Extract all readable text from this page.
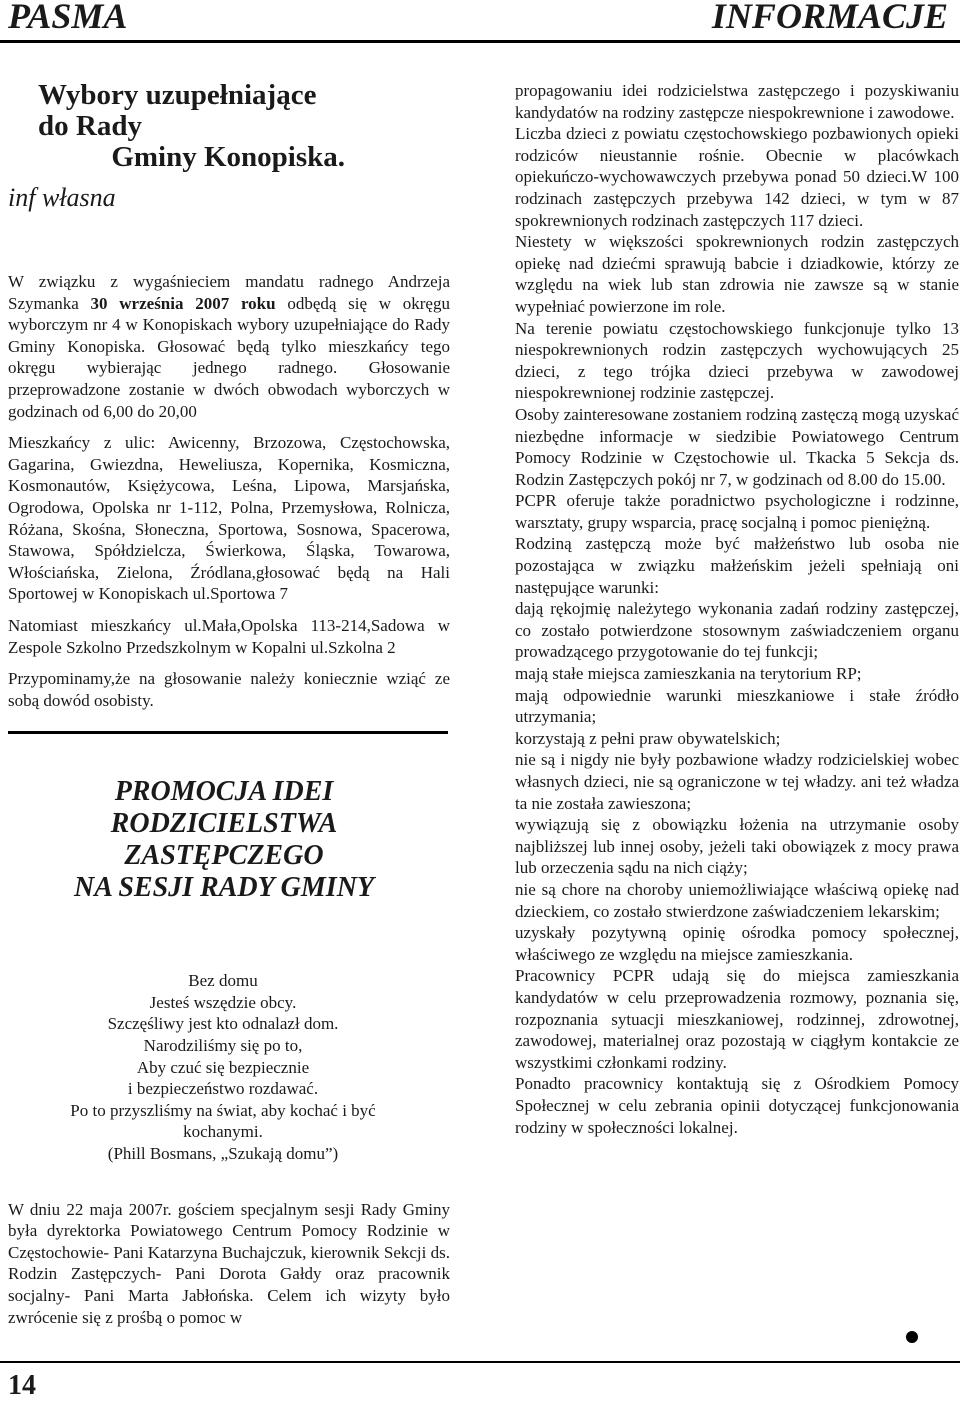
PASMA	INFORMACJE
Wybory uzupełniające do Rady
Gminy Konopiska.
inf własna

W związku z wygaśnieciem mandatu radnego Andrzeja Szymanka 30 września 2007 roku odbędą się w okręgu wyborczym nr 4 w Konopiskach wybory uzupełniające do Rady Gminy Konopiska. Głosować będą tylko mieszkańcy tego okręgu wybierając jednego radnego. Głosowanie przeprowadzone zostanie w dwóch obwodach wyborczych w godzinach od 6,00 do 20,00

Mieszkańcy z ulic: Awicenny, Brzozowa, Częstochowska, Gagarina, Gwiezdna, Heweliusza, Kopernika, Kosmiczna, Kosmonautów, Księżycowa, Leśna, Lipowa, Marsjańska, Ogrodowa, Opolska nr 1-112, Polna, Przemysłowa, Rolnicza, Różana, Skośna, Słoneczna, Sportowa, Sosnowa, Spacerowa, Stawowa, Spółdzielcza, Świerkowa, Śląska, Towarowa, Włościańska, Zielona, Źródlana,głosować będą na Hali Sportowej w Konopiskach ul.Sportowa 7

Natomiast mieszkańcy ul.Mała,Opolska 113-214,Sadowa w Zespole Szkolno Przedszkolnym w Kopalni ul.Szkolna 2

Przypominamy,że na głosowanie należy koniecznie wziąć ze sobą dowód osobisty.

PROMOCJA IDEI
RODZICIELSTWA
ZASTĘPCZEGO
NA SESJI RADY GMINY
Bez domu
Jesteś wszędzie obcy.
Szczęśliwy jest kto odnalazł dom.
Narodziliśmy się po to,
Aby czuć się bezpiecznie
i bezpieczeństwo rozdawać.
Po to przyszliśmy na świat, aby kochać i być
kochanymi.
(Phill Bosmans, „Szukają domu”)

W dniu 22 maja 2007r. gościem specjalnym sesji Rady Gminy była dyrektorka Powiatowego Centrum Pomocy Rodzinie w Częstochowie- Pani Katarzyna Buchajczuk, kierownik Sekcji ds. Rodzin Zastępczych- Pani Dorota Gałdy oraz pracownik socjalny- Pani Marta Jabłońska. Celem ich wizyty było zwrócenie się z prośbą o pomoc w

propagowaniu idei rodzicielstwa zastępczego i pozyskiwaniu kandydatów na rodziny zastępcze niespokrewnione i zawodowe.

Liczba dzieci z powiatu częstochowskiego pozbawionych opieki rodziców nieustannie rośnie. Obecnie w placówkach opiekuńczo-wychowawczych przebywa ponad 50 dzieci.W 100 rodzinach zastępczych przebywa 142 dzieci, w tym w 87 spokrewnionych rodzinach zastępczych 117 dzieci.

Niestety w większości spokrewnionych rodzin zastępczych opiekę nad dziećmi sprawują babcie i dziadkowie, którzy ze względu na wiek lub stan zdrowia nie zawsze są w stanie wypełniać powierzone im role.

Na terenie powiatu częstochowskiego funkcjonuje tylko 13 niespokrewnionych rodzin zastępczych wychowujących 25 dzieci, z tego trójka dzieci przebywa w zawodowej niespokrewnionej rodzinie zastępczej.

Osoby zainteresowane zostaniem rodziną zastęczą mogą uzyskać niezbędne informacje w siedzibie Powiatowego Centrum Pomocy Rodzinie w Częstochowie ul. Tkacka 5 Sekcja ds. Rodzin Zastępczych pokój nr 7, w godzinach od 8.00 do 15.00.

PCPR oferuje także poradnictwo psychologiczne i rodzinne, warsztaty, grupy wsparcia, pracę socjalną i pomoc pieniężną.

Rodziną zastępczą może być małżeństwo lub osoba nie pozostająca w związku małżeńskim jeżeli spełniają oni następujące warunki:

dają rękojmię należytego wykonania zadań rodziny zastępczej, co zostało potwierdzone stosownym zaświadczeniem organu prowadzącego przygotowanie do tej funkcji;

mają stałe miejsca zamieszkania na terytorium RP;

mają odpowiednie warunki mieszkaniowe i stałe źródło utrzymania;

korzystają z pełni praw obywatelskich;

nie są i nigdy nie były pozbawione władzy rodzicielskiej wobec własnych dzieci, nie są ograniczone w tej władzy. ani też władza ta nie została zawieszona;

wywiązują się z obowiązku łożenia na utrzymanie osoby najbliższej lub innej osoby, jeżeli taki obowiązek z mocy prawa lub orzeczenia sądu na nich ciąży;

nie są chore na choroby uniemożliwiające właściwą opiekę nad dzieckiem, co zostało stwierdzone zaświadczeniem lekarskim;

uzyskały pozytywną opinię ośrodka pomocy społecznej, właściwego ze względu na miejsce zamieszkania.

Pracownicy PCPR udają się do miejsca zamieszkania kandydatów w celu przeprowadzenia rozmowy, poznania się, rozpoznania sytuacji mieszkaniowej, rodzinnej, zdrowotnej, zawodowej, materialnej oraz pozostają w ciągłym kontakcie ze wszystkimi członkami rodziny.

Ponadto pracownicy kontaktują się z Ośrodkiem Pomocy Społecznej w celu zebrania opinii dotyczącej funkcjonowania rodziny w społeczności lokalnej.

14
